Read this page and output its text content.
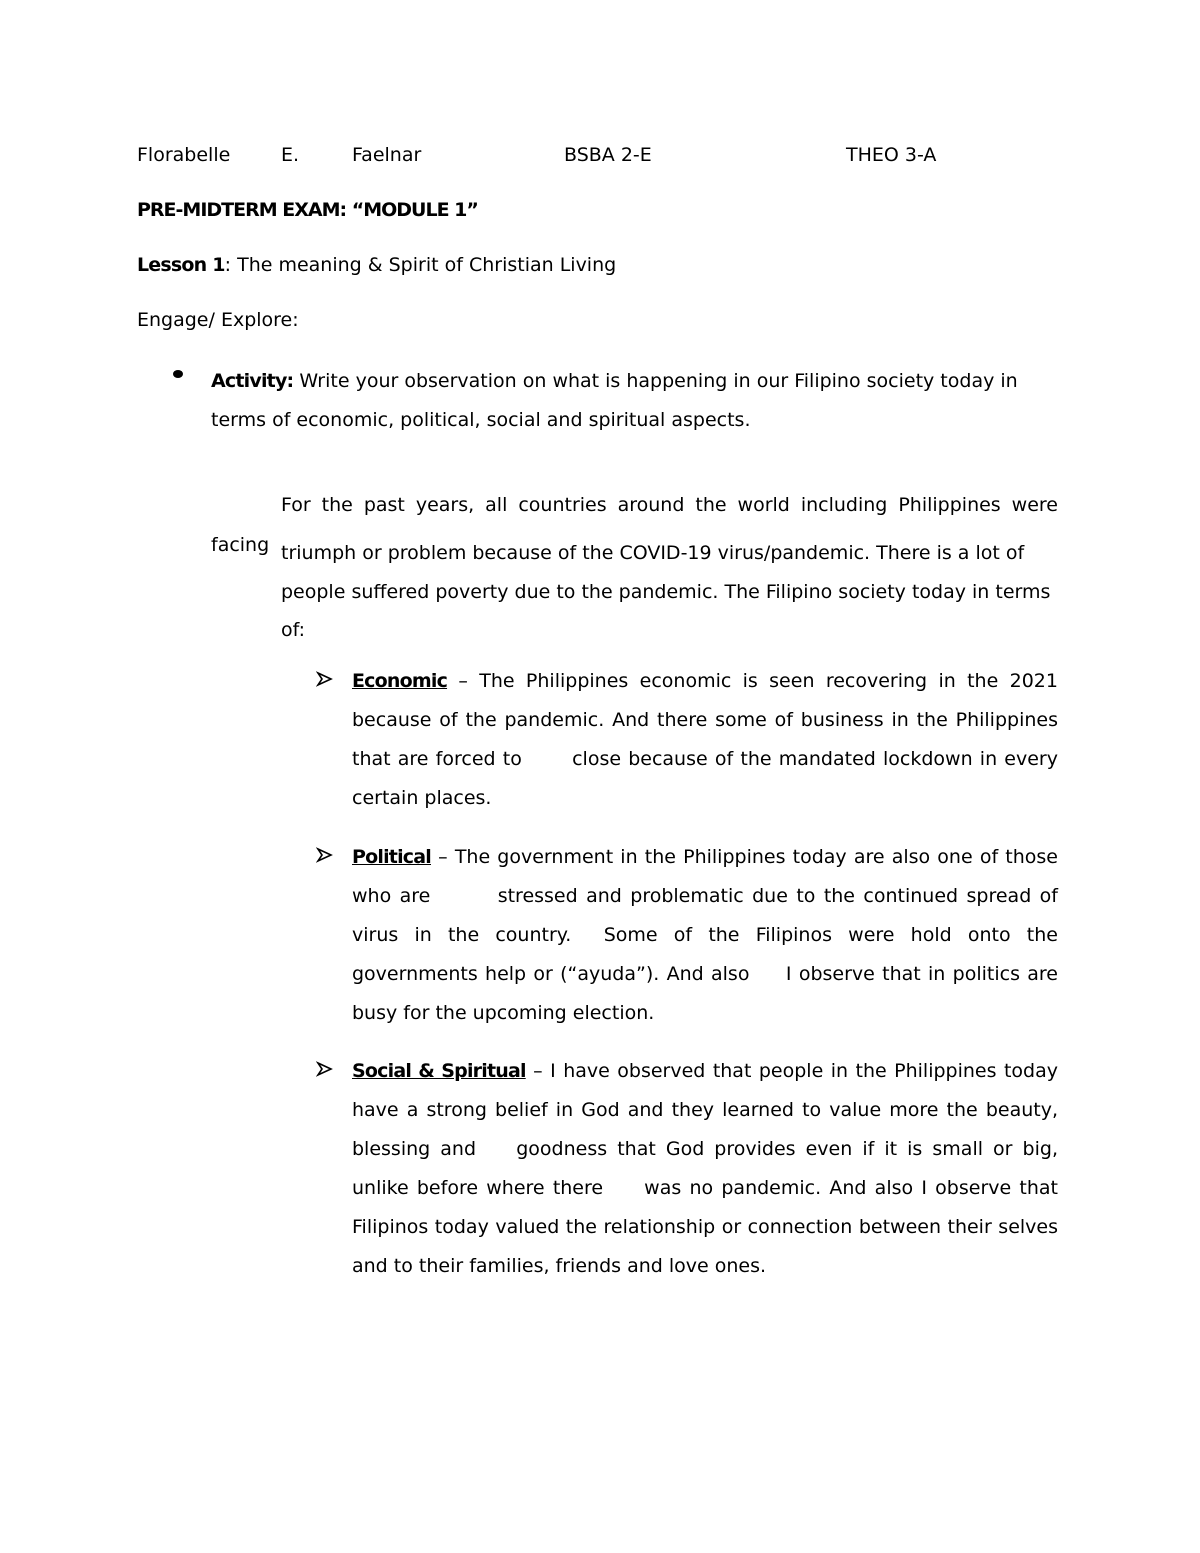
Florabelle	E.	Faelnar	BSBA 2-E	THEO 3-A
PRE-MIDTERM EXAM: “MODULE 1”
Lesson 1: The meaning & Spirit of Christian Living
Engage/ Explore:
Activity: Write your observation on what is happening in our Filipino society today in terms of economic, political, social and spiritual aspects.
For the past years, all countries around the world including Philippines were
facing triumph or problem because of the COVID-19 virus/pandemic. There is a lot of people suffered poverty due to the pandemic. The Filipino society today in terms of:
Economic – The Philippines economic is seen recovering in the 2021 because of the pandemic. And there some of business in the Philippines that are forced to       close because of the mandated lockdown in every certain places.
Political – The government in the Philippines today are also one of those who are        stressed and problematic due to the continued spread of virus in the country.  Some of the Filipinos were hold onto the governments help or (“ayuda”). And also     I observe that in politics are busy for the upcoming election.
Social & Spiritual – I have observed that people in the Philippines today have a strong belief in God and they learned to value more the beauty, blessing and    goodness that God provides even if it is small or big, unlike before where there     was no pandemic. And also I observe that Filipinos today valued the relationship or connection between their selves and to their families, friends and love ones.
